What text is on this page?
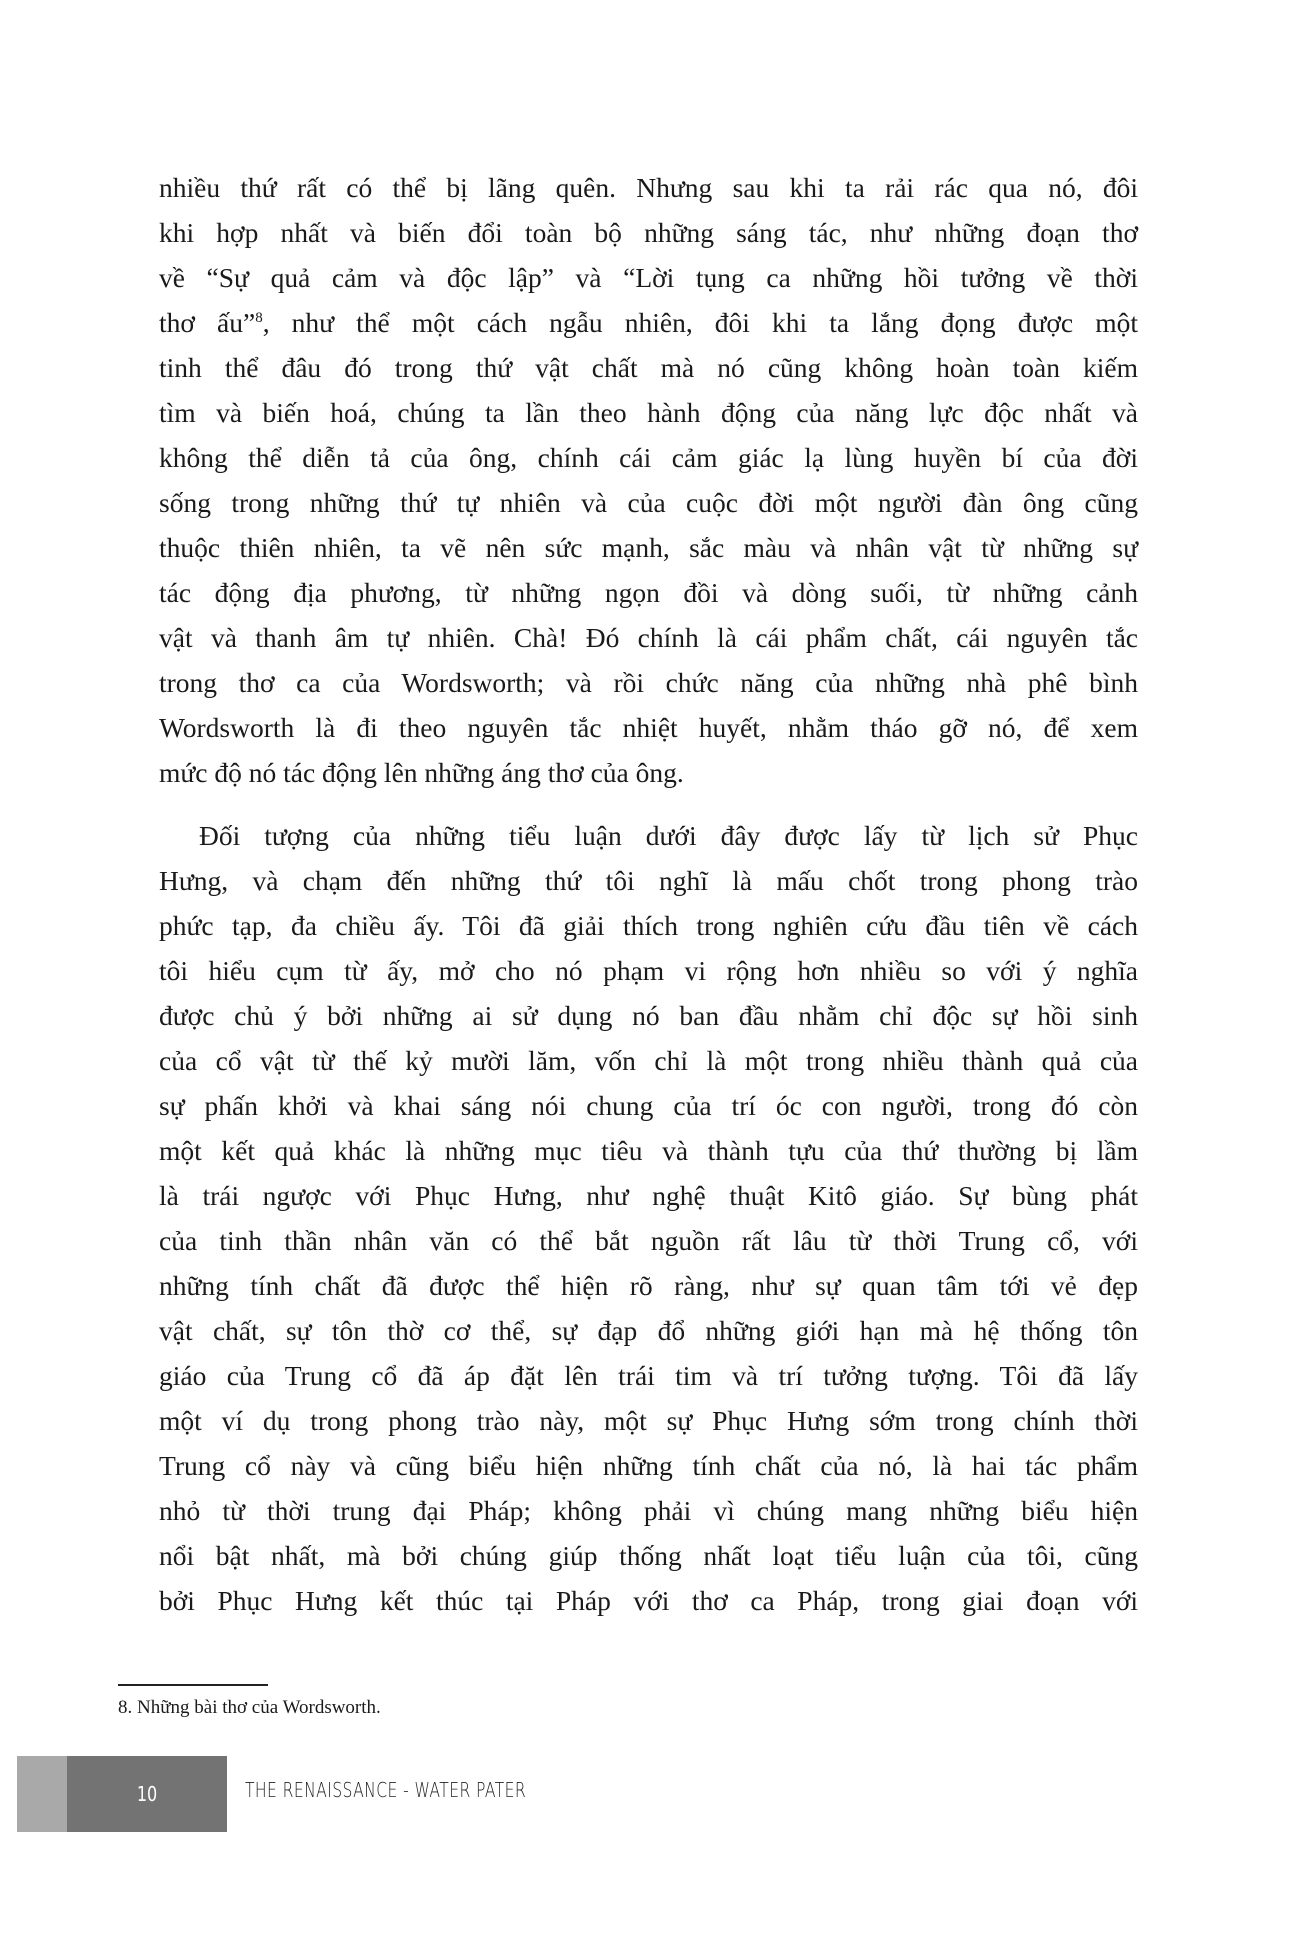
nhiều thứ rất có thể bị lãng quên. Nhưng sau khi ta rải rác qua nó, đôi
khi hợp nhất và biến đổi toàn bộ những sáng tác, như những đoạn thơ
về “Sự quả cảm và độc lập” và “Lời tụng ca những hồi tưởng về thời
thơ ấu”$^8$, như thể một cách ngẫu nhiên, đôi khi ta lắng đọng được một
tinh thể đâu đó trong thứ vật chất mà nó cũng không hoàn toàn kiếm
tìm và biến hoá, chúng ta lần theo hành động của năng lực độc nhất và
không thể diễn tả của ông, chính cái cảm giác lạ lùng huyền bí của đời
sống trong những thứ tự nhiên và của cuộc đời một người đàn ông cũng
thuộc thiên nhiên, ta vẽ nên sức mạnh, sắc màu và nhân vật từ những sự
tác động địa phương, từ những ngọn đồi và dòng suối, từ những cảnh
vật và thanh âm tự nhiên. Chà! Đó chính là cái phẩm chất, cái nguyên tắc
trong thơ ca của Wordsworth; và rồi chức năng của những nhà phê bình
Wordsworth là đi theo nguyên tắc nhiệt huyết, nhằm tháo gỡ nó, để xem
mức độ nó tác động lên những áng thơ của ông.
Đối tượng của những tiểu luận dưới đây được lấy từ lịch sử Phục
Hưng, và chạm đến những thứ tôi nghĩ là mấu chốt trong phong trào
phức tạp, đa chiều ấy. Tôi đã giải thích trong nghiên cứu đầu tiên về cách
tôi hiểu cụm từ ấy, mở cho nó phạm vi rộng hơn nhiều so với ý nghĩa
được chủ ý bởi những ai sử dụng nó ban đầu nhằm chỉ độc sự hồi sinh
của cổ vật từ thế kỷ mười lăm, vốn chỉ là một trong nhiều thành quả của
sự phấn khởi và khai sáng nói chung của trí óc con người, trong đó còn
một kết quả khác là những mục tiêu và thành tựu của thứ thường bị lầm
là trái ngược với Phục Hưng, như nghệ thuật Kitô giáo. Sự bùng phát
của tinh thần nhân văn có thể bắt nguồn rất lâu từ thời Trung cổ, với
những tính chất đã được thể hiện rõ ràng, như sự quan tâm tới vẻ đẹp
vật chất, sự tôn thờ cơ thể, sự đạp đổ những giới hạn mà hệ thống tôn
giáo của Trung cổ đã áp đặt lên trái tim và trí tưởng tượng. Tôi đã lấy
một ví dụ trong phong trào này, một sự Phục Hưng sớm trong chính thời
Trung cổ này và cũng biểu hiện những tính chất của nó, là hai tác phẩm
nhỏ từ thời trung đại Pháp; không phải vì chúng mang những biểu hiện
nổi bật nhất, mà bởi chúng giúp thống nhất loạt tiểu luận của tôi, cũng
bởi Phục Hưng kết thúc tại Pháp với thơ ca Pháp, trong giai đoạn với
8. Những bài thơ của Wordsworth.
10	THE RENAISSANCE - WATER PATER
